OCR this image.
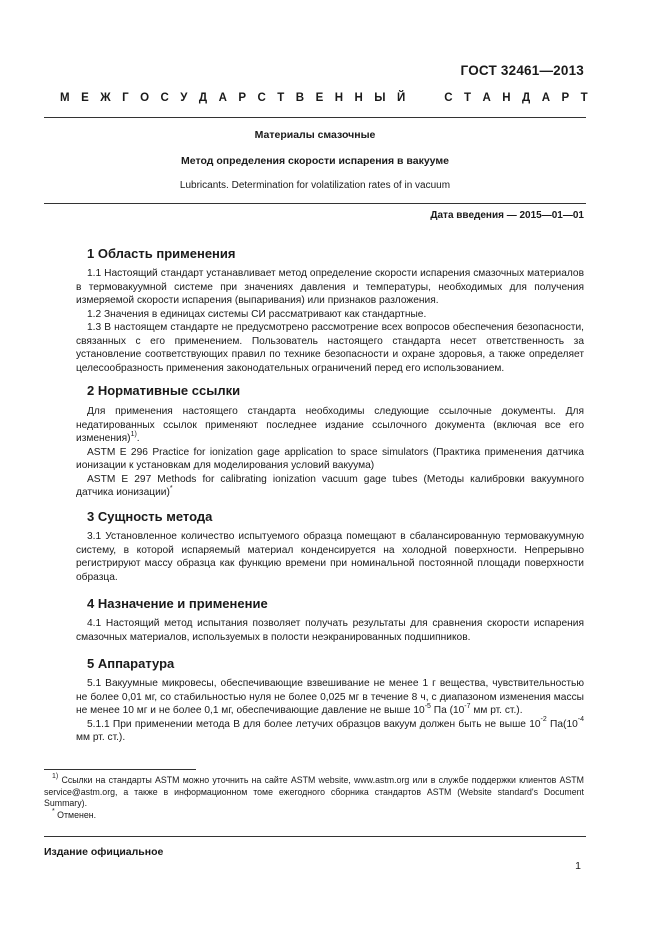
ГОСТ 32461—2013
М Е Ж Г О С У Д А Р С Т В Е Н Н Ы Й	С Т А Н Д А Р Т
Материалы смазочные
Метод определения скорости испарения в вакууме
Lubricants. Determination for volatilization rates of in vacuum
Дата введения — 2015—01—01
1 Область применения
1.1 Настоящий стандарт устанавливает метод определение скорости испарения смазочных материалов в термовакуумной системе при значениях давления и температуры, необходимых для получения измеряемой скорости испарения (выпаривания) или признаков разложения.
1.2 Значения в единицах системы СИ рассматривают как стандартные.
1.3 В настоящем стандарте не предусмотрено рассмотрение всех вопросов обеспечения безопасности, связанных с его применением. Пользователь настоящего стандарта несет ответственность за установление соответствующих правил по технике безопасности и охране здоровья, а также определяет целесообразность применения законодательных ограничений перед его использованием.
2 Нормативные ссылки
Для применения настоящего стандарта необходимы следующие ссылочные документы. Для недатированных ссылок применяют последнее издание ссылочного документа (включая все его изменения)$^{1)}$.
ASTM E 296 Practice for ionization gage application to space simulators (Практика применения датчика ионизации к установкам для моделирования условий вакуума)
ASTM E 297 Methods for calibrating ionization vacuum gage tubes (Методы калибровки вакуумного датчика ионизации)*
3 Сущность метода
3.1 Установленное количество испытуемого образца помещают в сбалансированную термовакуумную систему, в которой испаряемый материал конденсируется на холодной поверхности. Непрерывно регистрируют массу образца как функцию времени при номинальной постоянной площади поверхности образца.
4 Назначение и применение
4.1 Настоящий метод испытания позволяет получать результаты для сравнения скорости испарения смазочных материалов, используемых в полости неэкранированных подшипников.
5 Аппаратура
5.1 Вакуумные микровесы, обеспечивающие взвешивание не менее 1 г вещества, чувствительностью не более 0,01 мг, со стабильностью нуля не более 0,025 мг в течение 8 ч, с диапазоном изменения массы не менее 10 мг и не более 0,1 мг, обеспечивающие давление не выше $10^{-5}$ Па ($10^{-7}$ мм рт. ст.).
5.1.1 При применении метода В для более летучих образцов вакуум должен быть не выше $10^{-2}$ $Па(10^{-4}$ мм рт. ст.).
$^{1)}$ Ссылки на стандарты ASTM можно уточнить на сайте ASTM website, www.astm.org или в службе поддержки клиентов ASTM service@astm.org, а также в информационном томе ежегодного сборника стандартов ASTM (Website standard's Document Summary).
* Отменен.
Издание официальное
1
